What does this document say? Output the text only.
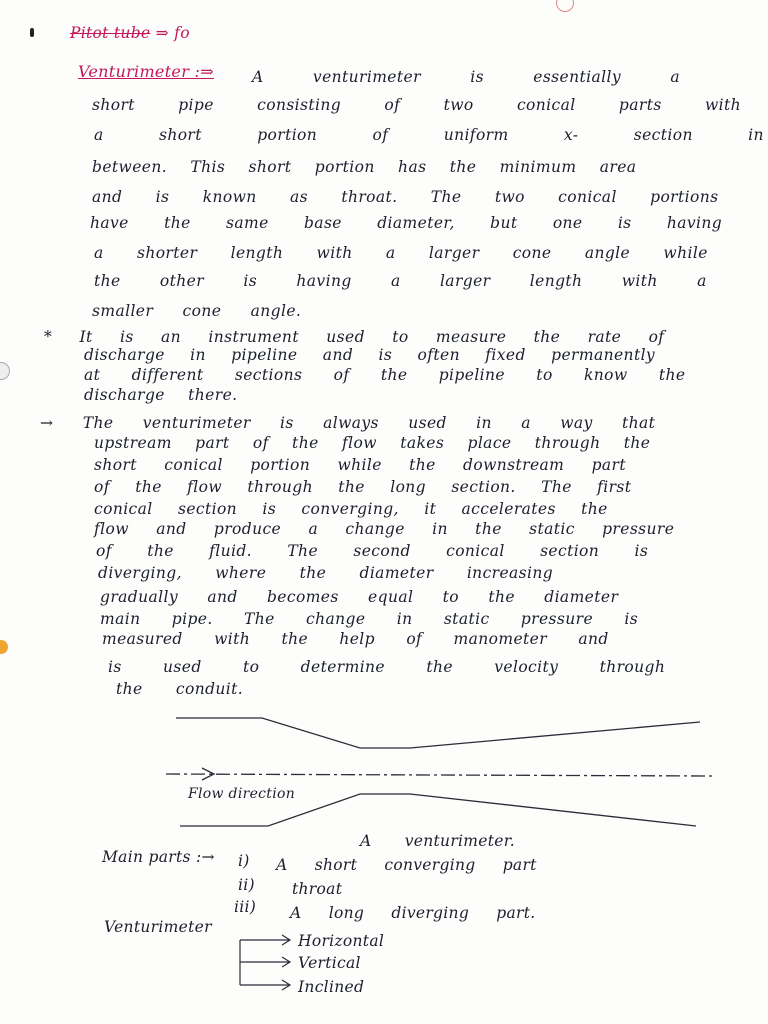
Pitot tube ⇒ fo
Venturimeter :⇒ A venturimeter is essentially a
short pipe consisting of two conical parts with
a short portion of uniform x- section in
between. This short portion has the minimum area
and is known as throat. The two conical portions
have the same base diameter, but one is having
a shorter length with a larger cone angle while
the other is having a larger length with a
smaller cone angle.
* It is an instrument used to measure the rate of
discharge in pipeline and is often fixed permanently
at different sections of the pipeline to know the
discharge there.
→ The venturimeter is always used in a way that
upstream part of the flow takes place through the
short conical portion while the downstream part
of the flow through the long section. The first
conical section is converging, it accelerates the
flow and produce a change in the static pressure
of the fluid. The second conical section is
diverging, where the diameter increasing
gradually and becomes equal to the diameter
main pipe. The change in static pressure is
measured with the help of manometer and
is used to determine the velocity through
the conduit.
Flow direction
A venturimeter.
Main parts :→ i) A short converging part
ii) throat
iii) A long diverging part.
Venturimeter
Horizontal
Vertical
Inclined
